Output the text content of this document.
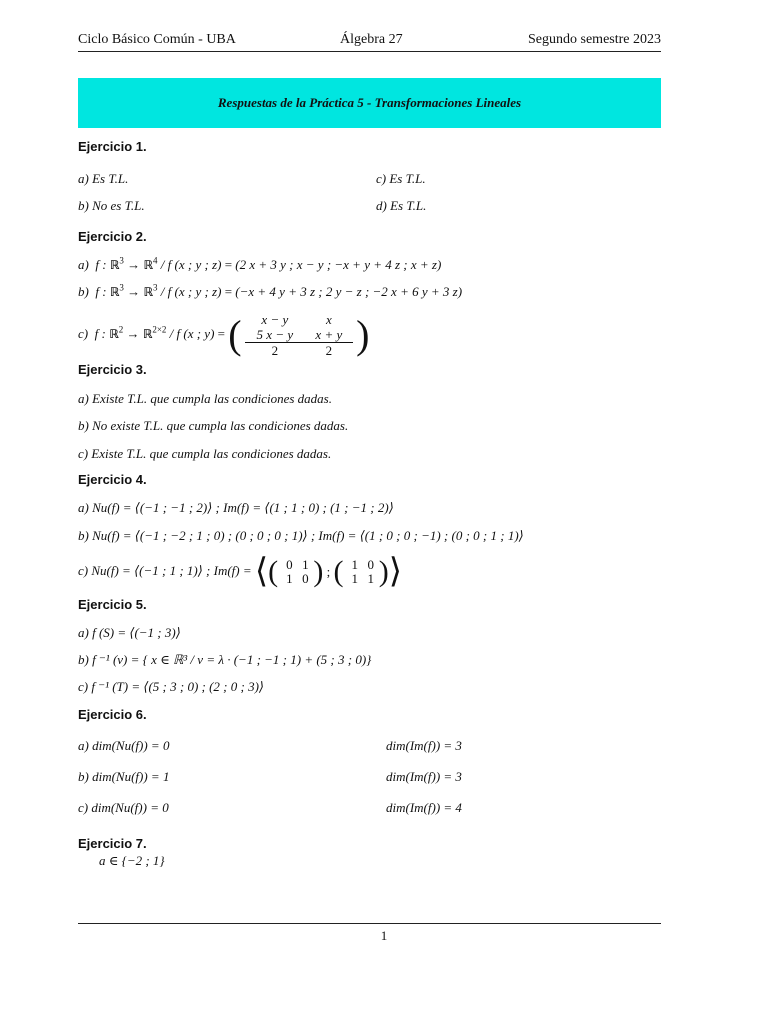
Ciclo Básico Común - UBA	Álgebra 27	Segundo semestre 2023
Respuestas de la Práctica 5 - Transformaciones Lineales
Ejercicio 1.
a) Es T.L.
b) No es T.L.
c) Es T.L.
d) Es T.L.
Ejercicio 2.
a)  f : ℝ$^3$ → ℝ$^4$ / f (x ; y ; z) = (2 x + 3 y ; x − y ; −x + y + 4 z ; x + z)
b)  f : ℝ$^3$ → ℝ$^3$ / f (x ; y ; z) = (−x + 4 y + 3 z ; 2 y − z ; −2 x + 6 y + 3 z)
c)  f : ℝ$^2$ → ℝ$^{2\times 2}$ / f (x ; y) = (	x − y	x
$\frac{5 x - y}{2} \frac{x + y}{2}$ )
Ejercicio 3.
a) Existe T.L. que cumpla las condiciones dadas.
b) No existe T.L. que cumpla las condiciones dadas.
c) Existe T.L. que cumpla las condiciones dadas.
Ejercicio 4.
a) Nu(f) = ⟨(−1 ; −1 ; 2)⟩ ; Im(f) = ⟨(1 ; 1 ; 0) ; (1 ; −1 ; 2)⟩
b) Nu(f) = ⟨(−1 ; −2 ; 1 ; 0) ; (0 ; 0 ; 0 ; 1)⟩ ; Im(f) = ⟨(1 ; 0 ; 0 ; −1) ; (0 ; 0 ; 1 ; 1)⟩
c) Nu(f) = ⟨(−1 ; 1 ; 1)⟩ ; Im(f) = ⟨( 0 1
1 0 ) ; ( 1 0
1 1 )⟩
Ejercicio 5.
a) f (S) = ⟨(−1 ; 3)⟩
b) f ⁻¹ (v) = { x ∈ ℝ³ / v = λ · (−1 ; −1 ; 1) + (5 ; 3 ; 0)}
c) f ⁻¹ (T) = ⟨(5 ; 3 ; 0) ; (2 ; 0 ; 3)⟩
Ejercicio 6.
a) dim(Nu(f)) = 0	dim(Im(f)) = 3
b) dim(Nu(f)) = 1	dim(Im(f)) = 3
c) dim(Nu(f)) = 0	dim(Im(f)) = 4
Ejercicio 7.
a ∈ {−2 ; 1}
1
